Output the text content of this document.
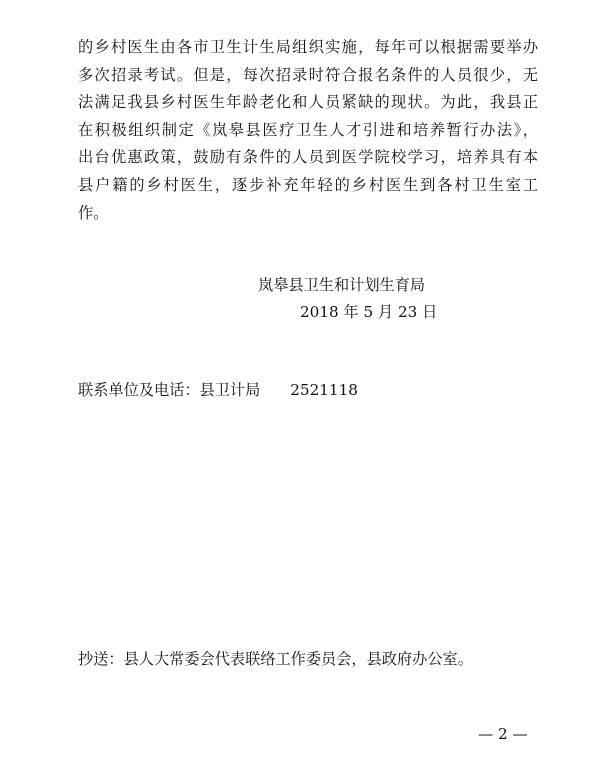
的乡村医生由各市卫生计生局组织实施，每年可以根据需要举办
多次招录考试。但是，每次招录时符合报名条件的人员很少，无
法满足我县乡村医生年龄老化和人员紧缺的现状。为此，我县正
在积极组织制定《岚皋县医疗卫生人才引进和培养暂行办法》，
出台优惠政策，鼓励有条件的人员到医学院校学习，培养具有本
县户籍的乡村医生，逐步补充年轻的乡村医生到各村卫生室工
作。

岚皋县卫生和计划生育局
2018 年 5 月 23 日
联系单位及电话：县卫计局 2521118
抄送：县人大常委会代表联络工作委员会，县政府办公室。
— 2 —
